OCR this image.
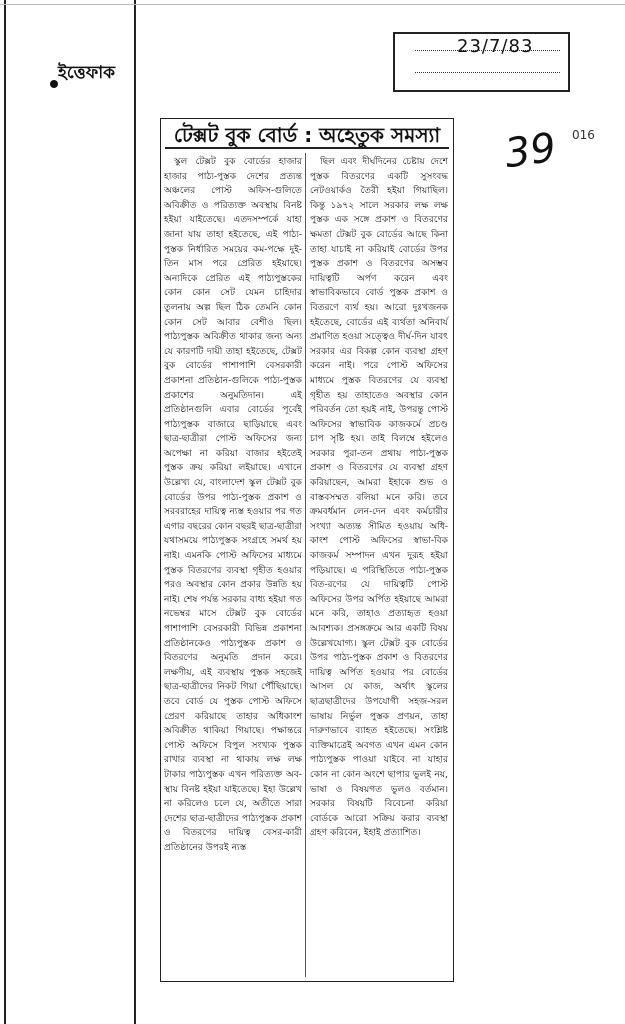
ইত্তেফাক
23/7/83
39 016
টেক্সট বুক বোর্ড : অহেতুক সমস্যা

স্কুল টেক্সট বুক বোর্ডের হাজার হাজার পাঠ্য-পুস্তক দেশের প্রত্যন্ত অঞ্চলের পোস্ট অফিস-গুলিতে অবিক্রীত ও পরিত্যক্ত অবস্থায় বিনষ্ট হইয়া যাইতেছে। এতদসম্পর্কে যাহা জানা যায় তাহা হইতেছে, এই পাঠ্য-পুস্তক নির্ধারিত সময়ের কম-পক্ষে দুই-তিন মাস পরে প্রেরিত হইয়াছে। অন্যদিকে প্রেরিত এই পাঠ্যপুস্তকের কোন কোন সেট যেমন চাহিদার তুলনায় অল্প ছিল ঠিক তেমনি কোন কোন সেট আবার বেশীও ছিল। পাঠ্যপুস্তক অবিক্রীত থাকার জন্য অন্য যে কারণটি দায়ী তাহা হইতেছে, টেক্সট বুক বোর্ডের পাশাপাশি বেসরকারী প্রকাশনা প্রতিষ্ঠান-গুলিকে পাঠ্য-পুস্তক প্রকাশের অনুমতিদান। এই প্রতিষ্ঠানগুলি এবার বোর্ডের পূর্বেই পাঠ্যপুস্তক বাজারে ছাড়িয়াছে এবং ছাত্র-ছাত্রীরা পোস্ট অফিসের জন্য অপেক্ষা না করিয়া বাজার হইতেই পুস্তক ক্রয় করিয়া লইয়াছে। এখানে উল্লেখ্য যে, বাংলাদেশ স্কুল টেক্সট বুক বোর্ডের উপর পাঠ্য-পুস্তক প্রকাশ ও সরবরাহের দায়িত্ব ন্যস্ত হওয়ার পর গত এগার বছরের কোন বছরই ছাত্র-ছাত্রীরা যথাসময়ে পাঠ্যপুস্তক সংগ্রহে সমর্থ হয় নাই। এমনকি পোস্ট অফিসের মাধ্যমে পুস্তক বিতরণের ব্যবস্থা গৃহীত হওয়ার পরও অবস্থার কোন প্রকার উন্নতি হয় নাই। শেষ পর্যন্ত সরকার বাধ্য হইয়া গত নভেম্বর মাসে টেক্সট বুক বোর্ডের পাশাপাশি বেসরকারী বিভিন্ন প্রকাশনা প্রতিষ্ঠানকেও পাঠ্যপুস্তক প্রকাশ ও বিতরণের অনুমতি প্রদান করে। লক্ষণীয়, এই ব্যবস্থায় পুস্তক সহজেই ছাত্র-ছাত্রীদের নিকট গিয়া পৌঁছিয়াছে। তবে বোর্ড যে পুস্তক পোস্ট অফিসে প্রেরণ করিয়াছে তাহার অধিকাংশ অবিক্রীত থাকিয়া গিয়াছে। পক্ষান্তরে পোস্ট অফিসে বিপুল সংখ্যক পুস্তক রাখার ব্যবস্থা না থাকায় লক্ষ লক্ষ টাকার পাঠ্যপুস্তক এখন পরিত্যক্ত অব-স্থায় বিনষ্ট হইয়া যাইতেছে। ইহা উল্লেখ না করিলেও চলে যে, অতীতে সারা দেশের ছাত্র-ছাত্রীদের পাঠ্যপুস্তক প্রকাশ ও বিতরণের দায়িত্ব বেসর-কারী প্রতিষ্ঠানের উপরই ন্যস্ত

ছিল এবং দীর্ঘদিনের চেষ্টায় দেশে পুস্তক বিতরণের একটি সুসংবদ্ধ নেটওয়ার্কও তৈরী হইয়া গিয়াছিল। কিন্তু ১৯৭২ সালে সরকার লক্ষ লক্ষ পুস্তক এক সঙ্গে প্রকাশ ও বিতরণের ক্ষমতা টেক্সট বুক বোর্ডের আছে কিনা তাহা যাচাই না করিয়াই বোর্ডের উপর পুস্তক প্রকাশ ও বিতরণের অসম্ভব দায়িত্বটি অর্পণ করেন এবং স্বাভাবিকভাবে বোর্ড পুস্তক প্রকাশ ও বিতরণে ব্যর্থ হয়। আরো দুঃখজনক হইতেছে, বোর্ডের এই ব্যর্থতা অনিবার্য প্রমাণিত হওয়া সত্ত্বেও দীর্ঘ-দিন যাবৎ সরকার এর বিকল্প কোন ব্যবস্থা গ্রহণ করেন নাই। পরে পোস্ট অফিসের মাধ্যমে পুস্তক বিতরণের যে ব্যবস্থা গৃহীত হয় তাহাতেও অবস্থার কোন পরিবর্তন তো হয়ই নাই, উপরন্তু পোস্ট অফিসের স্বাভাবিক কাজকর্মে প্রচণ্ড চাপ সৃষ্টি হয়। তাই বিলম্বে হইলেও সরকার পুরা-তন প্রথায় পাঠ্য-পুস্তক প্রকাশ ও বিতরণের যে ব্যবস্থা গ্রহণ করিয়াছেন, আমরা ইহাকে শুভ ও বাস্তবসম্মত বলিয়া মনে করি। তবে ক্রমবর্ধমান লেন-দেন এবং কর্মচারীর সংখ্যা অত্যন্ত সীমিত হওয়ায় অধি-কাংশ পোস্ট অফিসের স্বাভা-বিক কাজকর্ম সম্পাদন এখন দুরূহ হইয়া পড়িয়াছে। এ পরিস্থিতিতে পাঠ্য-পুস্তক বিত-রণের যে দায়িত্বটি পোস্ট অফিসের উপর অর্পিত হইয়াছে আমরা মনে করি, তাহাও প্রত্যাহৃত হওয়া আবশ্যক। প্রসঙ্গক্রমে আর একটি বিষয় উল্লেখযোগ্য। স্কুল টেক্সট বুক বোর্ডের উপর পাঠ্য-পুস্তক প্রকাশ ও বিতরণের দায়িত্ব অর্পিত হওয়ার পর বোর্ডের আসল যে কাজ, অর্থাৎ স্কুলের ছাত্রছাত্রীদের উপযোগী সহজ-সরল ভাষায় নির্ভুল পুস্তক প্রণয়ন, তাহা দারুণভাবে ব্যাহত হইতেছে। সংশ্লিষ্ট ব্যক্তিমাত্রেই অবগত এখন এমন কোন পাঠ্যপুস্তক পাওয়া যাইবে না যাহার কোন না কোন অংশে ছাপার ভুলই নয়, ভাষা ও বিষয়গত ভুলও বর্তমান। সরকার বিষয়টি বিবেচনা করিয়া বোর্ডকে আরো সক্রিয় করার ব্যবস্থা গ্রহণ করিবেন, ইহাই প্রত্যাশিত।
